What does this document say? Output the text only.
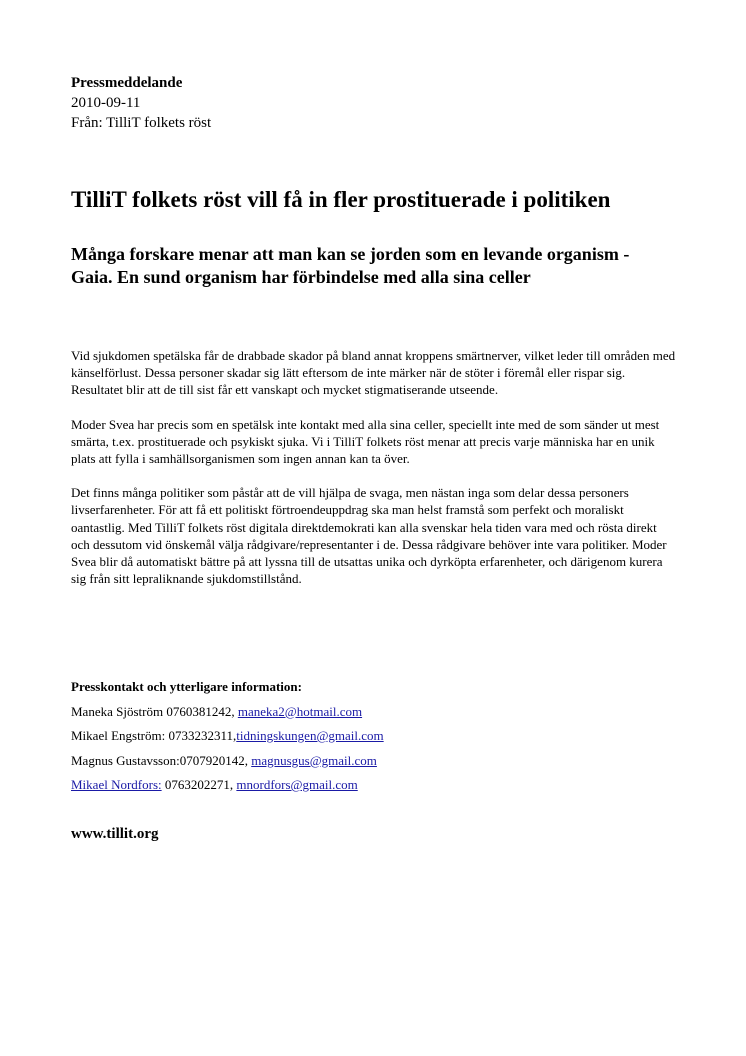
Pressmeddelande
2010-09-11
Från: TilliT folkets röst
TilliT folkets röst vill få in fler prostituerade i politiken
Många forskare menar att man kan se jorden som en levande organism - Gaia. En sund organism har förbindelse med alla sina celler

Vid sjukdomen spetälska får de drabbade skador på bland annat kroppens smärtnerver, vilket leder till områden med känselförlust. Dessa personer skadar sig lätt eftersom de inte märker när de stöter i föremål eller rispar sig. Resultatet blir att de till sist får ett vanskapt och mycket stigmatiserande utseende.

Moder Svea har precis som en spetälsk inte kontakt med alla sina celler, speciellt inte med de som sänder ut mest smärta, t.ex. prostituerade och psykiskt sjuka. Vi i TilliT folkets röst menar att precis varje människa har en unik plats att fylla i samhällsorganismen som ingen annan kan ta över.

Det finns många politiker som påstår att de vill hjälpa de svaga, men nästan inga som delar dessa personers livserfarenheter. För att få ett politiskt förtroendeuppdrag ska man helst framstå som perfekt och moraliskt oantastlig. Med TilliT folkets röst digitala direktdemokrati kan alla svenskar hela tiden vara med och rösta direkt och dessutom vid önskemål välja rådgivare/representanter i de. Dessa rådgivare behöver inte vara politiker. Moder Svea blir då automatiskt bättre på att lyssna till de utsattas unika och dyrköpta erfarenheter, och därigenom kurera sig från sitt lepraliknande sjukdomstillstånd.

Presskontakt och ytterligare information:
Maneka Sjöström 0760381242, maneka2@hotmail.com
Mikael Engström: 0733232311,tidningskungen@gmail.com
Magnus Gustavsson:0707920142, magnusgus@gmail.com
Mikael Nordfors: 0763202271, mnordfors@gmail.com
www.tillit.org
